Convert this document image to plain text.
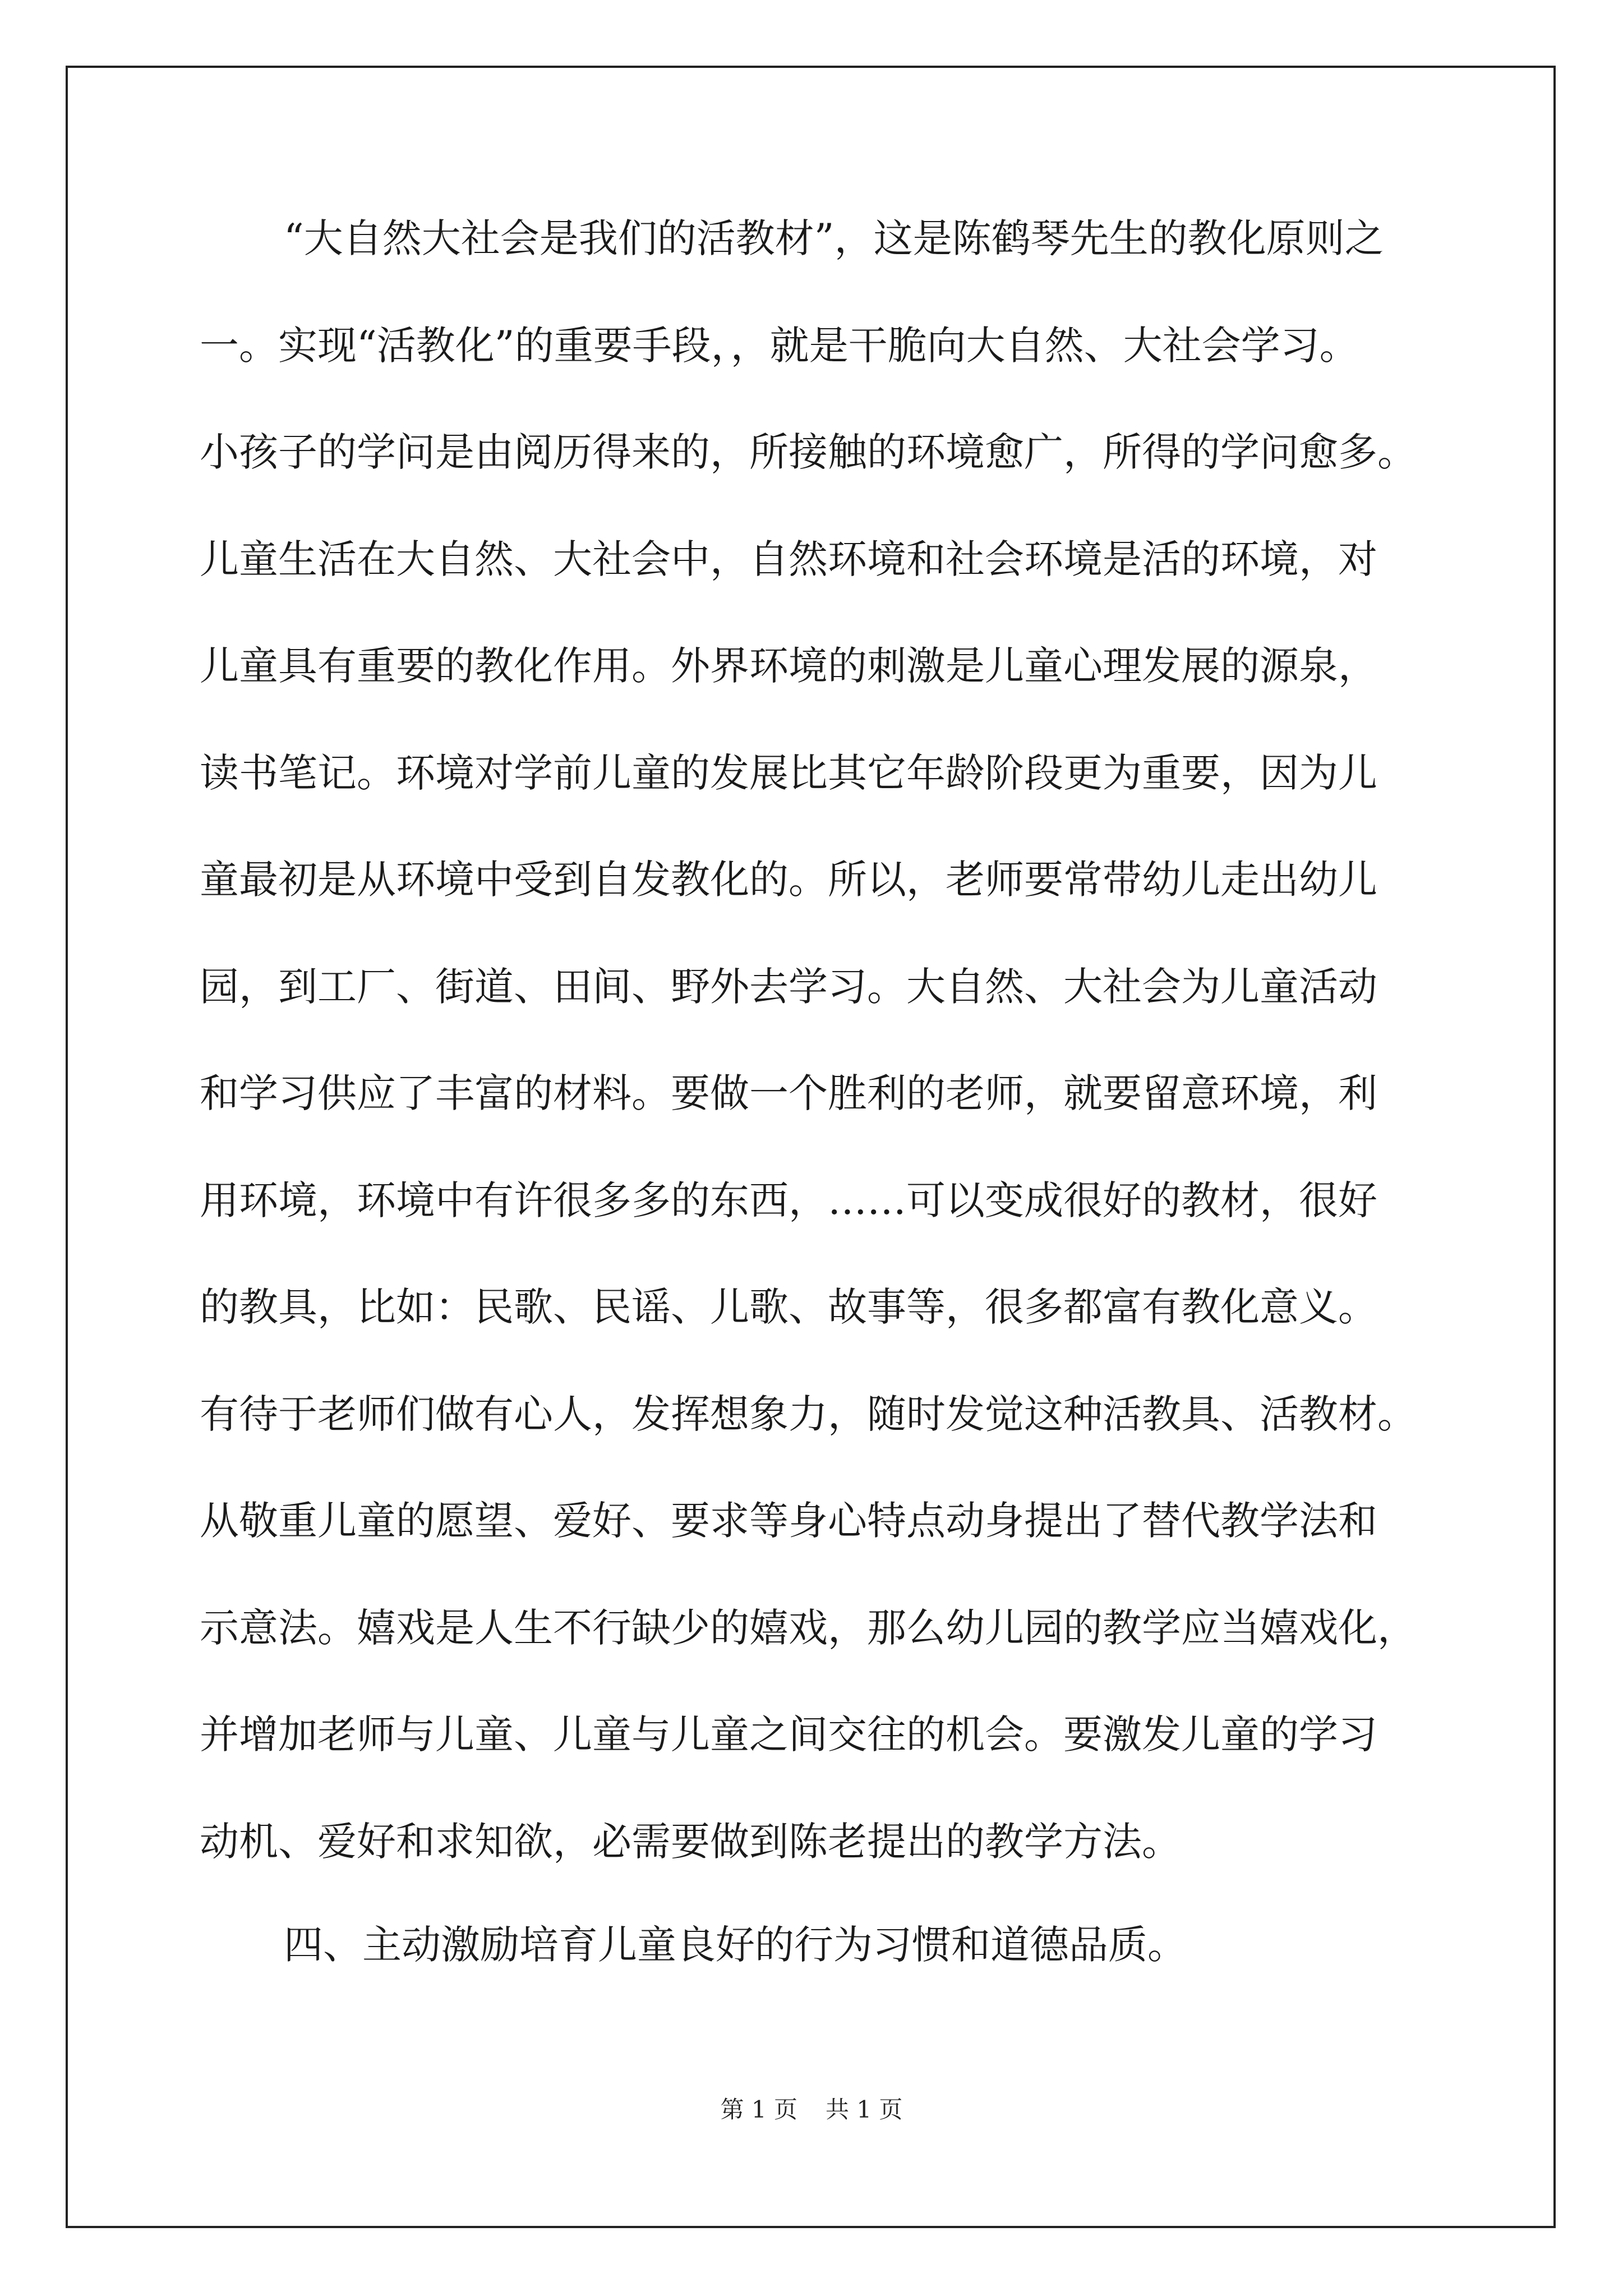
“大自然大社会是我们的活教材”，这是陈鹤琴先生的教化原则之

一。实现“活教化”的重要手段，，就是干脆向大自然、大社会学习。

小孩子的学问是由阅历得来的，所接触的环境愈广，所得的学问愈多。

儿童生活在大自然、大社会中，自然环境和社会环境是活的环境，对

儿童具有重要的教化作用。外界环境的刺激是儿童心理发展的源泉，

读书笔记。环境对学前儿童的发展比其它年龄阶段更为重要，因为儿

童最初是从环境中受到自发教化的。所以，老师要常带幼儿走出幼儿

园，到工厂、街道、田间、野外去学习。大自然、大社会为儿童活动

和学习供应了丰富的材料。要做一个胜利的老师，就要留意环境，利

用环境，环境中有许很多多的东西，……可以变成很好的教材，很好

的教具，比如：民歌、民谣、儿歌、故事等，很多都富有教化意义。

有待于老师们做有心人，发挥想象力，随时发觉这种活教具、活教材。

从敬重儿童的愿望、爱好、要求等身心特点动身提出了替代教学法和

示意法。嬉戏是人生不行缺少的嬉戏，那么幼儿园的教学应当嬉戏化，

并增加老师与儿童、儿童与儿童之间交往的机会。要激发儿童的学习

动机、爱好和求知欲，必需要做到陈老提出的教学方法。

四、主动激励培育儿童良好的行为习惯和道德品质。

第 1 页 共 1 页
